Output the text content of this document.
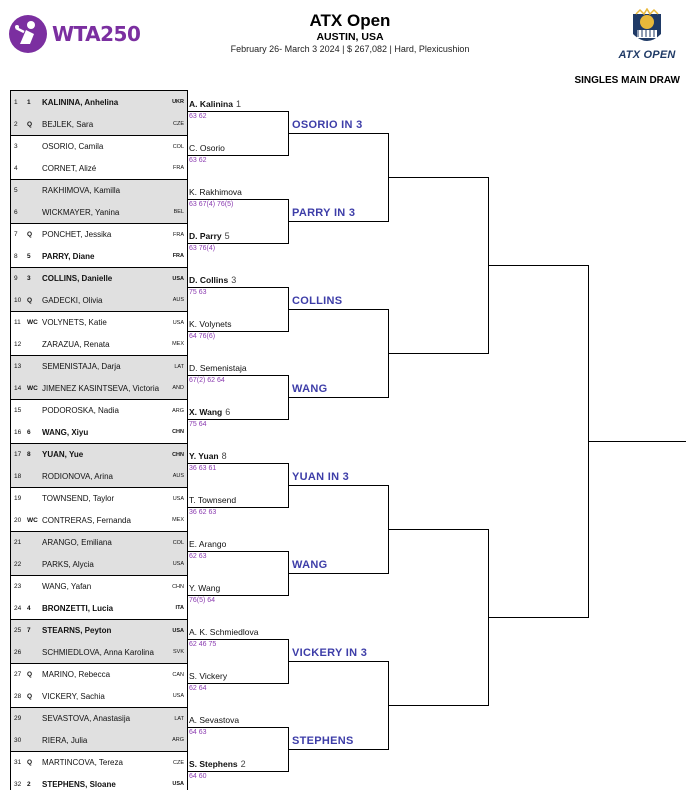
WTA250
ATX Open
AUSTIN, USA
February 26- March 3 2024 | $ 267,082 | Hard, Plexicushion	ATX OPEN
SINGLES MAIN DRAW
1	1	KALININA, Anhelina	UKR
2	Q	BEJLEK, Sara	CZE
3	OSORIO, Camila	COL
4	CORNET, Alizé	FRA
5	RAKHIMOVA, Kamilla
6	WICKMAYER, Yanina	BEL
7	Q	PONCHET, Jessika	FRA
8	5	PARRY, Diane	FRA
9	3	COLLINS, Danielle	USA
10 Q	GADECKI, Olivia	AUS
11 WC VOLYNETS, Katie	USA
12	ZARAZUA, Renata	MEX
13	SEMENISTAJA, Darja	LAT
14 WC JIMENEZ KASINTSEVA, Victoria	AND
15	PODOROSKA, Nadia	ARG
16 6	WANG, Xiyu	CHN
17 8	YUAN, Yue	CHN
18	RODIONOVA, Arina	AUS
19	TOWNSEND, Taylor	USA
20 WC CONTRERAS, Fernanda	MEX
21	ARANGO, Emiliana	COL
22	PARKS, Alycia	USA
23	WANG, Yafan	CHN
24 4	BRONZETTI, Lucia	ITA
25 7	STEARNS, Peyton	USA
26	SCHMIEDLOVA, Anna Karolina	SVK
27 Q	MARINO, Rebecca	CAN
28 Q	VICKERY, Sachia	USA
29	SEVASTOVA, Anastasija	LAT
30	RIERA, Julia	ARG
31 Q	MARTINCOVA, Tereza	CZE
32 2	STEPHENS, Sloane	USA
A. Kalinina 1
63 62
C. Osorio
63 62
K. Rakhimova
63 67(4) 76(5)
D. Parry 5
63 76(4)
D. Collins 3
75 63
K. Volynets
64 76(6)
D. Semenistaja
67(2) 62 64
X. Wang 6
75 64
Y. Yuan 8
36 63 61
T. Townsend
36 62 63
E. Arango
62 63
Y. Wang
76(5) 64
A. K. Schmiedlova
62 46 75
S. Vickery
62 64
A. Sevastova
64 63
S. Stephens 2
64 60
OSORIO IN 3
PARRY IN 3
COLLINS
WANG
YUAN IN 3
WANG
VICKERY IN 3
STEPHENS
